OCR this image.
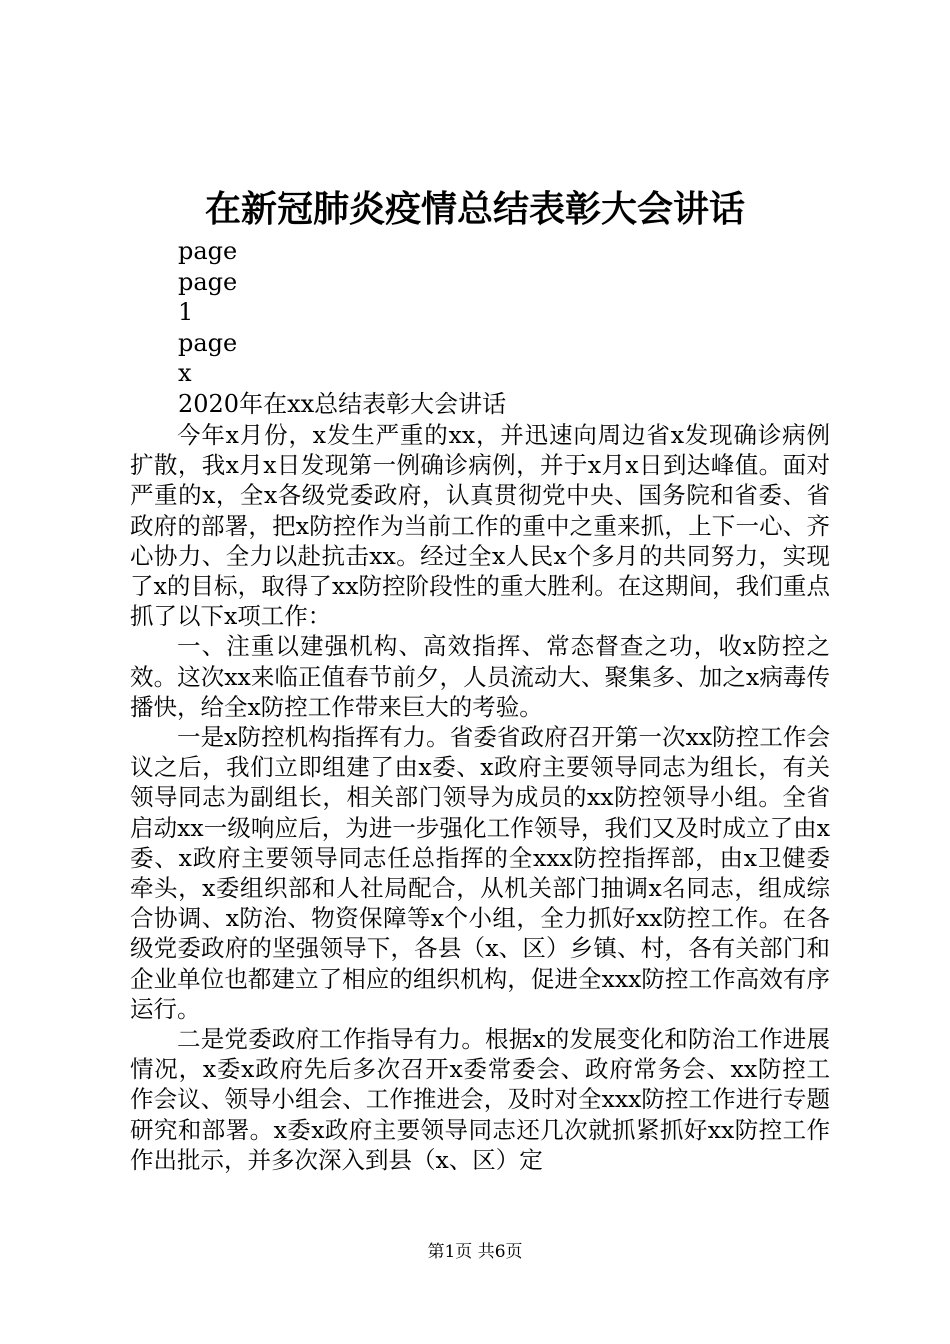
在新冠肺炎疫情总结表彰大会讲话
page
page
1
page
x
2020年在xx总结表彰大会讲话

今年x月份，x发生严重的xx，并迅速向周边省x发现确诊病例扩散，我x月x日发现第一例确诊病例，并于x月x日到达峰值。面对严重的x，全x各级党委政府，认真贯彻党中央、国务院和省委、省政府的部署，把x防控作为当前工作的重中之重来抓，上下一心、齐心协力、全力以赴抗击xx。经过全x人民x个多月的共同努力，实现了x的目标，取得了xx防控阶段性的重大胜利。在这期间，我们重点抓了以下x项工作：

一、注重以建强机构、高效指挥、常态督查之功，收x防控之效。这次xx来临正值春节前夕，人员流动大、聚集多、加之x病毒传播快，给全x防控工作带来巨大的考验。

一是x防控机构指挥有力。省委省政府召开第一次xx防控工作会议之后，我们立即组建了由x委、x政府主要领导同志为组长，有关领导同志为副组长，相关部门领导为成员的xx防控领导小组。全省启动xx一级响应后，为进一步强化工作领导，我们又及时成立了由x委、x政府主要领导同志任总指挥的全xxx防控指挥部，由x卫健委牵头，x委组织部和人社局配合，从机关部门抽调x名同志，组成综合协调、x防治、物资保障等x个小组，全力抓好xx防控工作。在各级党委政府的坚强领导下，各县（x、区）乡镇、村，各有关部门和企业单位也都建立了相应的组织机构，促进全xxx防控工作高效有序运行。

二是党委政府工作指导有力。根据x的发展变化和防治工作进展情况，x委x政府先后多次召开x委常委会、政府常务会、xx防控工作会议、领导小组会、工作推进会，及时对全xxx防控工作进行专题研究和部署。x委x政府主要领导同志还几次就抓紧抓好xx防控工作作出批示，并多次深入到县（x、区）定

第1页 共6页
